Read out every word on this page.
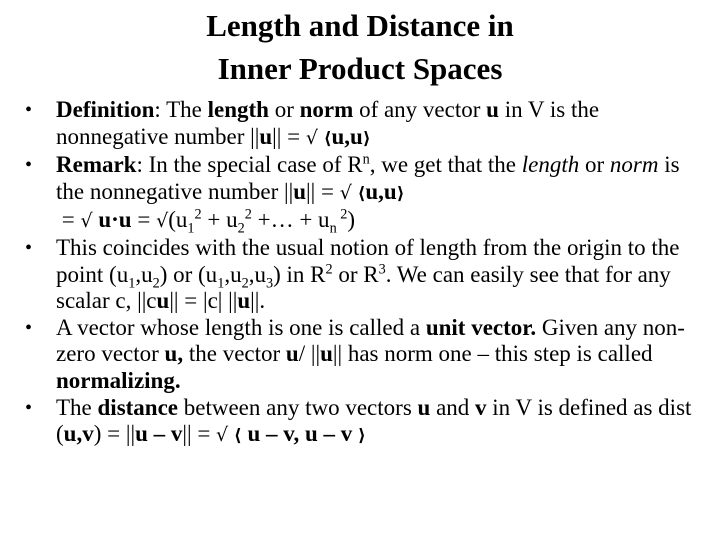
Length and Distance in
Inner Product Spaces
• Definition: The length or norm of any vector u in V is the nonnegative number ||u|| = √ ⟨u,u⟩
• Remark: In the special case of $R^n$, we get that the length or norm is the nonnegative number ||u|| = √ ⟨u,u⟩
= √ $u\cdot u = √(u_1^2 + u_2^2$ +… + $u_n$ $^2$)
• This coincides with the usual notion of length from the origin to the point $(u_1,u_2)$ or $(u_1,u_2,u_3)$ in $R^2$ or $R^3$. We can easily see that for any scalar c, ||cu|| = |c| ||u||.
• A vector whose length is one is called a unit vector. Given any non-zero vector u, the vector u/ ||u|| has norm one – this step is called normalizing.
• The distance between any two vectors u and v in V is defined as dist (u,v) = ||u – v|| = √ ⟨ u – v, u – v ⟩
